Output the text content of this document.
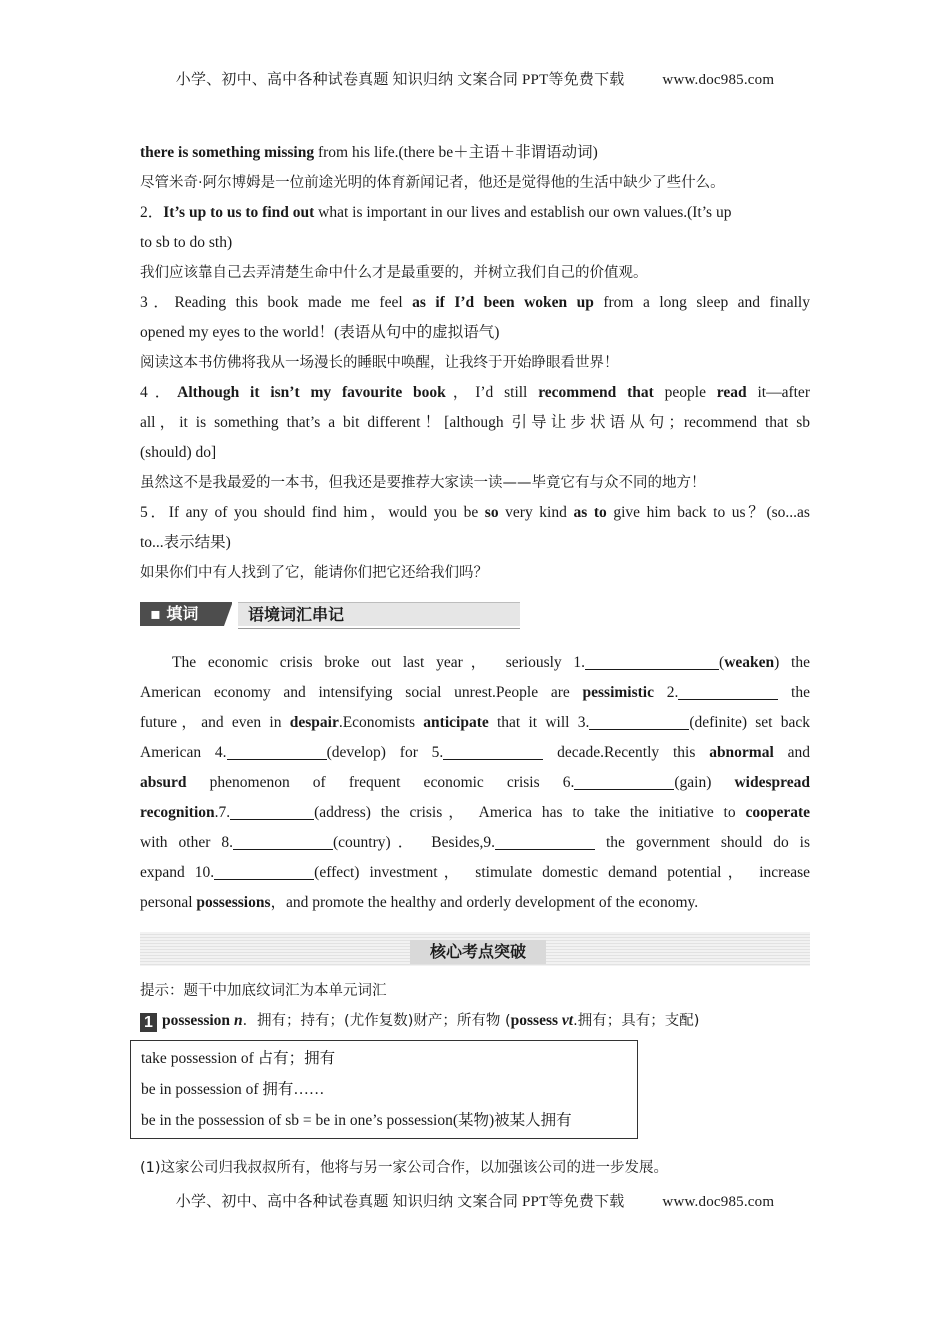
小学、初中、高中各种试卷真题 知识归纳 文案合同 PPT等免费下载	www.doc985.com

there is something missing from his life.(there be＋主语＋非谓语动词)

尽管米奇·阿尔博姆是一位前途光明的体育新闻记者，他还是觉得他的生活中缺少了些什么。

2．It’s up to us to find out what is important in our lives and establish our own values.(It’s up

to sb to do sth)

我们应该靠自己去弄清楚生命中什么才是最重要的，并树立我们自己的价值观。

3．Reading this book made me feel as if I’d been woken up from a long sleep and finally

opened my eyes to the world！(表语从句中的虚拟语气)

阅读这本书仿佛将我从一场漫长的睡眠中唤醒，让我终于开始睁眼看世界！

4．Although it isn’t my favourite book，I’d still recommend that people read it—after

all，it is something that’s a bit different！[although 引导让步状语从句；recommend that sb

(should) do]

虽然这不是我最爱的一本书，但我还是要推荐大家读一读——毕竟它有与众不同的地方！

5．If any of you should find him，would you be so very kind as to give him back to us？(so...as

to...表示结果)

如果你们中有人找到了它，能请你们把它还给我们吗？

▪ 填词	语境词汇串记

The economic crisis broke out last year， seriously 1.	(weaken) the

American economy and intensifying social unrest.People are pessimistic 2.	the

future，and even in despair.Economists anticipate that it will 3.	(definite) set back

American 4.	(develop) for 5.	decade.Recently this abnormal and

absurd phenomenon of frequent economic crisis 6.	(gain) widespread

recognition.7.	(address) the crisis， America has to take the initiative to cooperate

with other 8.	(country)． Besides,9.	the government should do is

expand 10.	(effect) investment， stimulate domestic demand potential， increase

personal possessions，and promote the healthy and orderly development of the economy.

核心考点突破

提示：题干中加底纹词汇为本单元词汇

1 possession n．拥有；持有；(尤作复数)财产；所有物 (possess vt.拥有；具有；支配)

take possession of 占有；拥有

be in possession of 拥有……

be in the possession of sb = be in one’s possession(某物)被某人拥有

(1)这家公司归我叔叔所有，他将与另一家公司合作，以加强该公司的进一步发展。

小学、初中、高中各种试卷真题 知识归纳 文案合同 PPT等免费下载	www.doc985.com
